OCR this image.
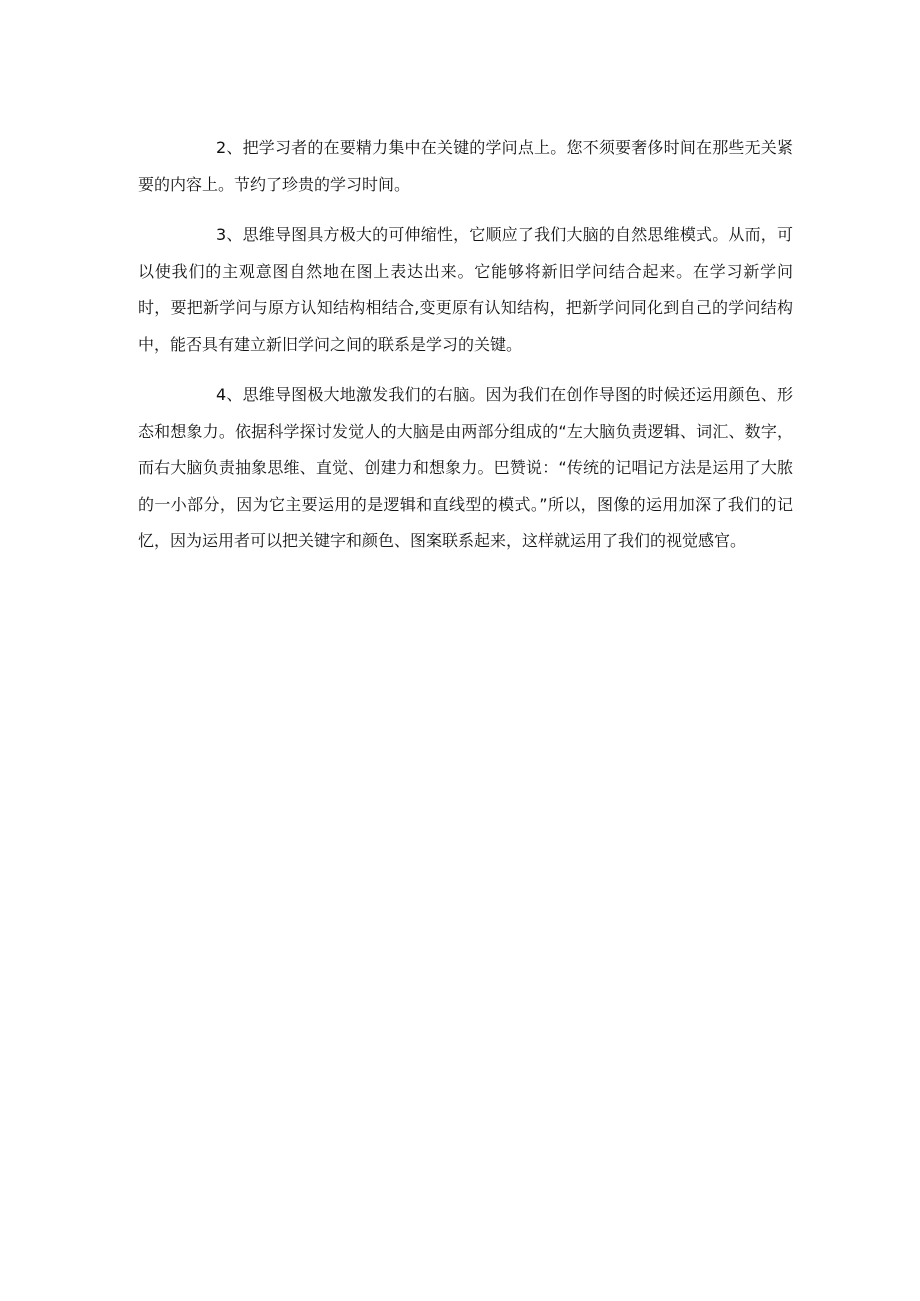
2、把学习者的在要精力集中在关键的学问点上。您不须要奢侈时间在那些无关紧要的内容上。节约了珍贵的学习时间。

3、思维导图具方极大的可伸缩性，它顺应了我们大脑的自然思维模式。从而，可以使我们的主观意图自然地在图上表达出来。它能够将新旧学问结合起来。在学习新学问时，要把新学问与原方认知结构相结合,变更原有认知结构，把新学问同化到自己的学问结构中，能否具有建立新旧学问之间的联系是学习的关键。

4、思维导图极大地激发我们的右脑。因为我们在创作导图的时候还运用颜色、形态和想象力。依据科学探讨发觉人的大脑是由两部分组成的“左大脑负责逻辑、词汇、数字，而右大脑负责抽象思维、直觉、创建力和想象力。巴赞说：“传统的记唱记方法是运用了大脓的一小部分，因为它主要运用的是逻辑和直线型的模式。”所以，图像的运用加深了我们的记忆，因为运用者可以把关键字和颜色、图案联系起来，这样就运用了我们的视觉感官。
